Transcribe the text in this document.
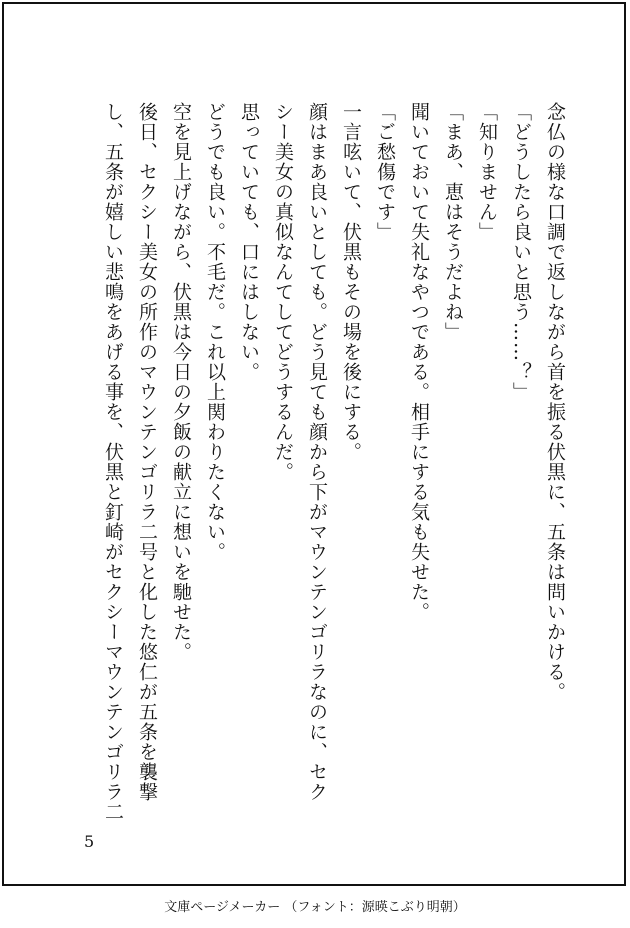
念仏の様な口調で返しながら首を振る伏黒に、五条は問いかける。
「どうしたら良いと思う……？」
「知りません」
「まあ、恵はそうだよね」
聞いておいて失礼なやつである。相手にする気も失せた。
「ご愁傷です」
一言呟いて、伏黒もその場を後にする。
顔はまあ良いとしても。どう見ても顔から下がマウンテンゴリラなのに、セク
シー美女の真似なんてしてどうするんだ。
思っていても、口にはしない。
どうでも良い。不毛だ。これ以上関わりたくない。
空を見上げながら、伏黒は今日の夕飯の献立に想いを馳せた。
後日、セクシー美女の所作のマウンテンゴリラ二号と化した悠仁が五条を襲撃
し、五条が嬉しい悲鳴をあげる事を、伏黒と釘崎がセクシーマウンテンゴリラ二
5
文庫ページメーカー （フォント：源暎こぶり明朝）
